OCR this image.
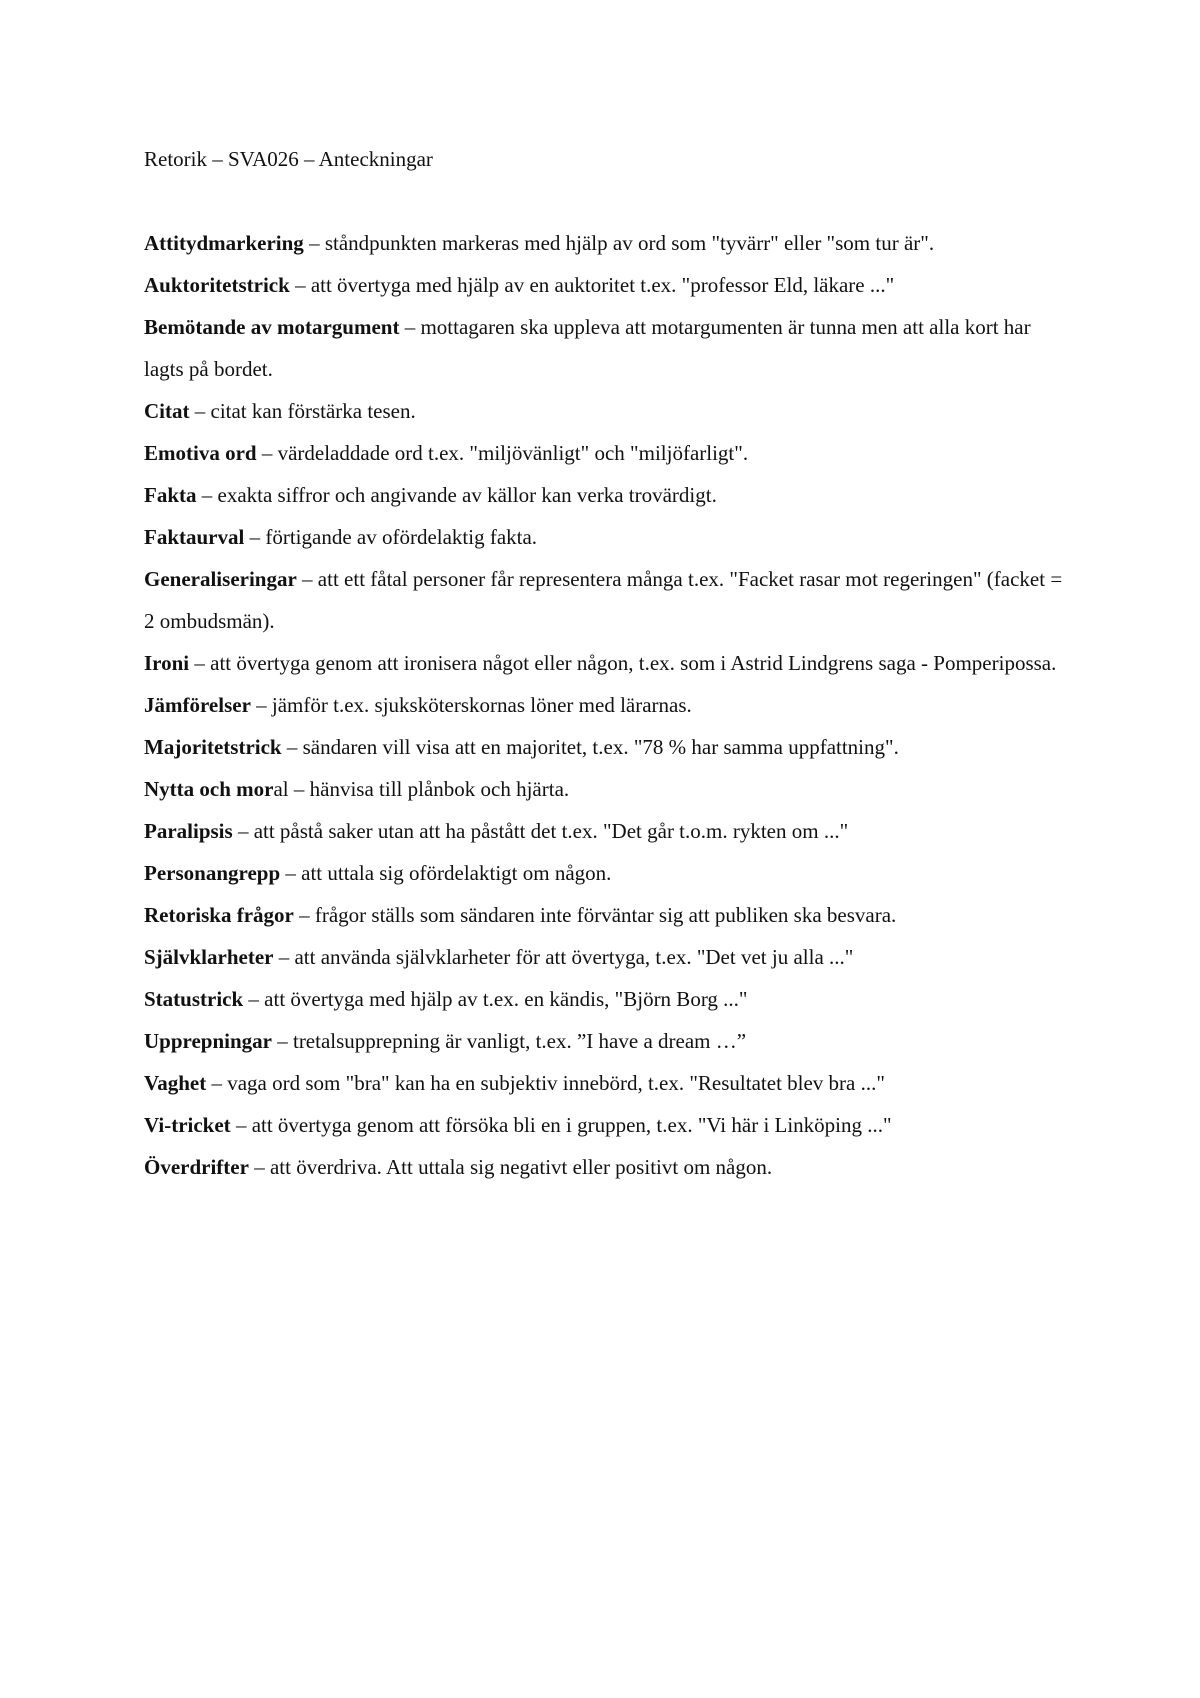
Retorik – SVA026 – Anteckningar

Attitydmarkering – ståndpunkten markeras med hjälp av ord som "tyvärr" eller "som tur är".

Auktoritetstrick – att övertyga med hjälp av en auktoritet t.ex. "professor Eld, läkare ..."

Bemötande av motargument – mottagaren ska uppleva att motargumenten är tunna men att alla kort har lagts på bordet.

Citat – citat kan förstärka tesen.

Emotiva ord – värdeladdade ord t.ex. "miljövänligt" och "miljöfarligt".

Fakta – exakta siffror och angivande av källor kan verka trovärdigt.

Faktaurval – förtigande av ofördelaktig fakta.

Generaliseringar – att ett fåtal personer får representera många t.ex. "Facket rasar mot regeringen" (facket = 2 ombudsmän).

Ironi – att övertyga genom att ironisera något eller någon, t.ex. som i Astrid Lindgrens saga - Pomperipossa.

Jämförelser – jämför t.ex. sjuksköterskornas löner med lärarnas.

Majoritetstrick – sändaren vill visa att en majoritet, t.ex. "78 % har samma uppfattning".

Nytta och moral – hänvisa till plånbok och hjärta.

Paralipsis – att påstå saker utan att ha påstått det t.ex. "Det går t.o.m. rykten om ..."

Personangrepp – att uttala sig ofördelaktigt om någon.

Retoriska frågor – frågor ställs som sändaren inte förväntar sig att publiken ska besvara.

Självklarheter – att använda självklarheter för att övertyga, t.ex. "Det vet ju alla ..."

Statustrick – att övertyga med hjälp av t.ex. en kändis, "Björn Borg ..."

Upprepningar – tretalsupprepning är vanligt, t.ex. ”I have a dream …”

Vaghet – vaga ord som "bra" kan ha en subjektiv innebörd, t.ex. "Resultatet blev bra ..."

Vi-tricket – att övertyga genom att försöka bli en i gruppen, t.ex. "Vi här i Linköping ..."

Överdrifter – att överdriva. Att uttala sig negativt eller positivt om någon.
